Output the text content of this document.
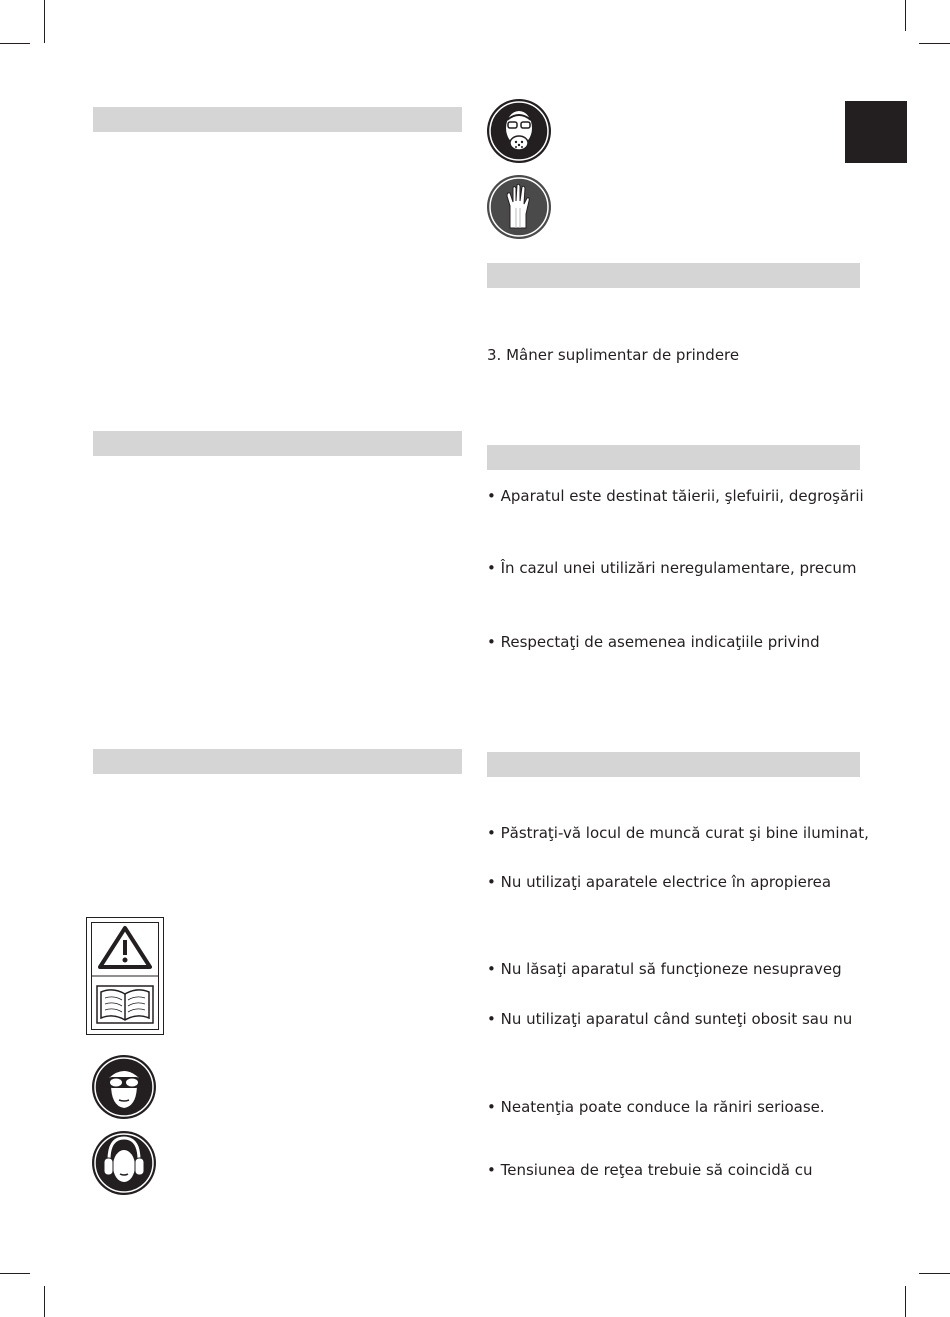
3. Mâner suplimentar de prindere
• Aparatul este destinat tăierii, şlefuirii, degroşării
• În cazul unei utilizări neregulamentare, precum
• Respectaţi de asemenea indicaţiile privind
• Păstraţi-vă locul de muncă curat şi bine iluminat,
• Nu utilizaţi aparatele electrice în apropierea
• Nu lăsaţi aparatul să funcţioneze nesupraveg
• Nu utilizaţi aparatul când sunteţi obosit sau nu
• Neatenţia poate conduce la răniri serioase.
• Tensiunea de reţea trebuie să coincidă cu
